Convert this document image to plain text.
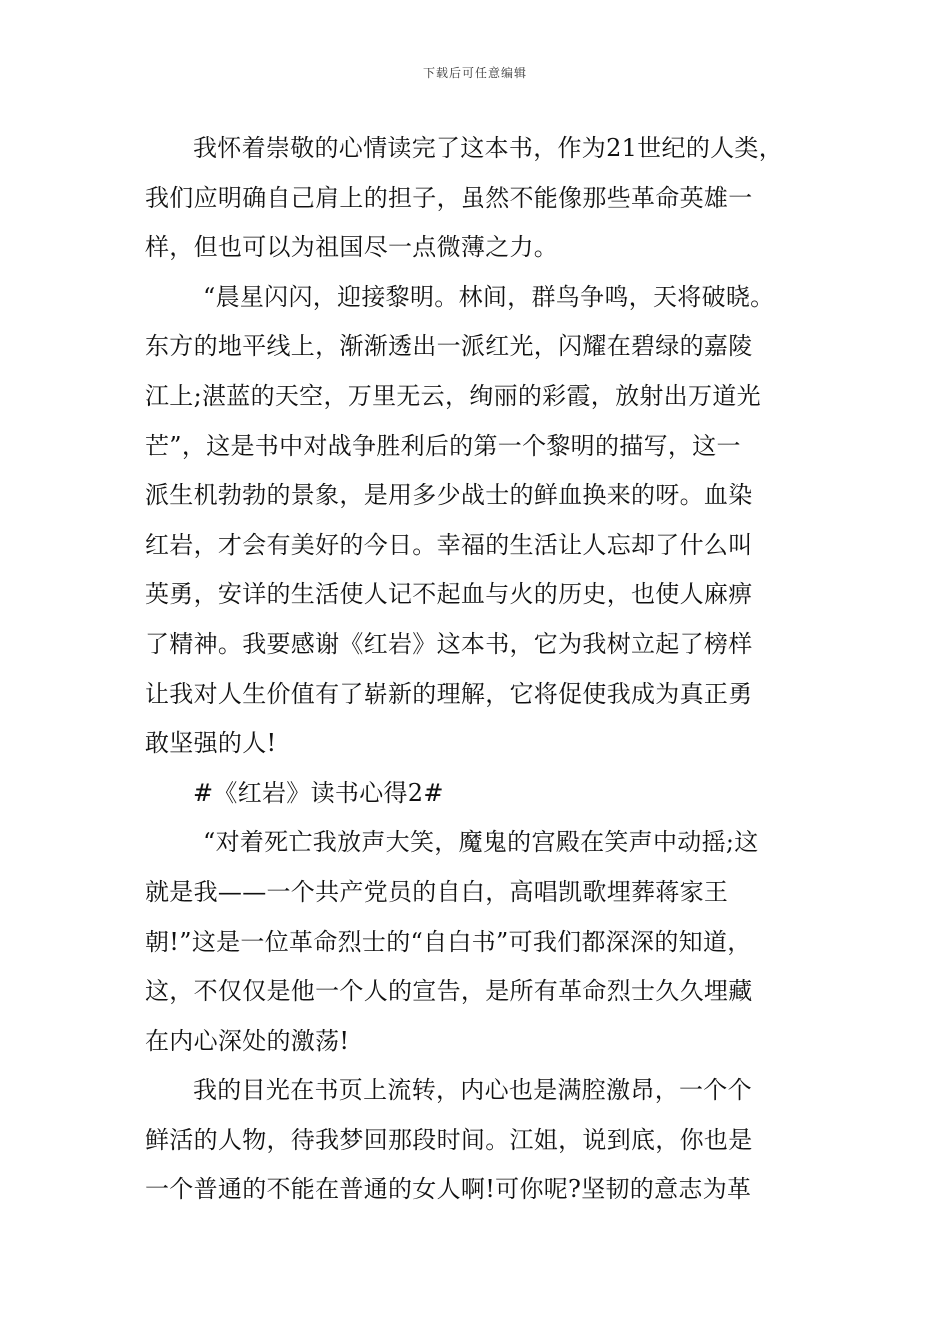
下载后可任意编辑
我怀着崇敬的心情读完了这本书，作为21世纪的人类，
我们应明确自己肩上的担子，虽然不能像那些革命英雄一
样，但也可以为祖国尽一点微薄之力。
“晨星闪闪，迎接黎明。林间，群鸟争鸣，天将破晓。
东方的地平线上，渐渐透出一派红光，闪耀在碧绿的嘉陵
江上;湛蓝的天空，万里无云，绚丽的彩霞，放射出万道光
芒”，这是书中对战争胜利后的第一个黎明的描写，这一
派生机勃勃的景象，是用多少战士的鲜血换来的呀。血染
红岩，才会有美好的今日。幸福的生活让人忘却了什么叫
英勇，安详的生活使人记不起血与火的历史，也使人麻痹
了精神。我要感谢《红岩》这本书，它为我树立起了榜样
让我对人生价值有了崭新的理解，它将促使我成为真正勇
敢坚强的人!
#《红岩》读书心得2#
“对着死亡我放声大笑，魔鬼的宫殿在笑声中动摇;这
就是我——一个共产党员的自白，高唱凯歌埋葬蒋家王
朝!”这是一位革命烈士的“自白书”可我们都深深的知道，
这，不仅仅是他一个人的宣告，是所有革命烈士久久埋藏
在内心深处的激荡!
我的目光在书页上流转，内心也是满腔激昂，一个个
鲜活的人物，待我梦回那段时间。江姐，说到底，你也是
一个普通的不能在普通的女人啊!可你呢?坚韧的意志为革
